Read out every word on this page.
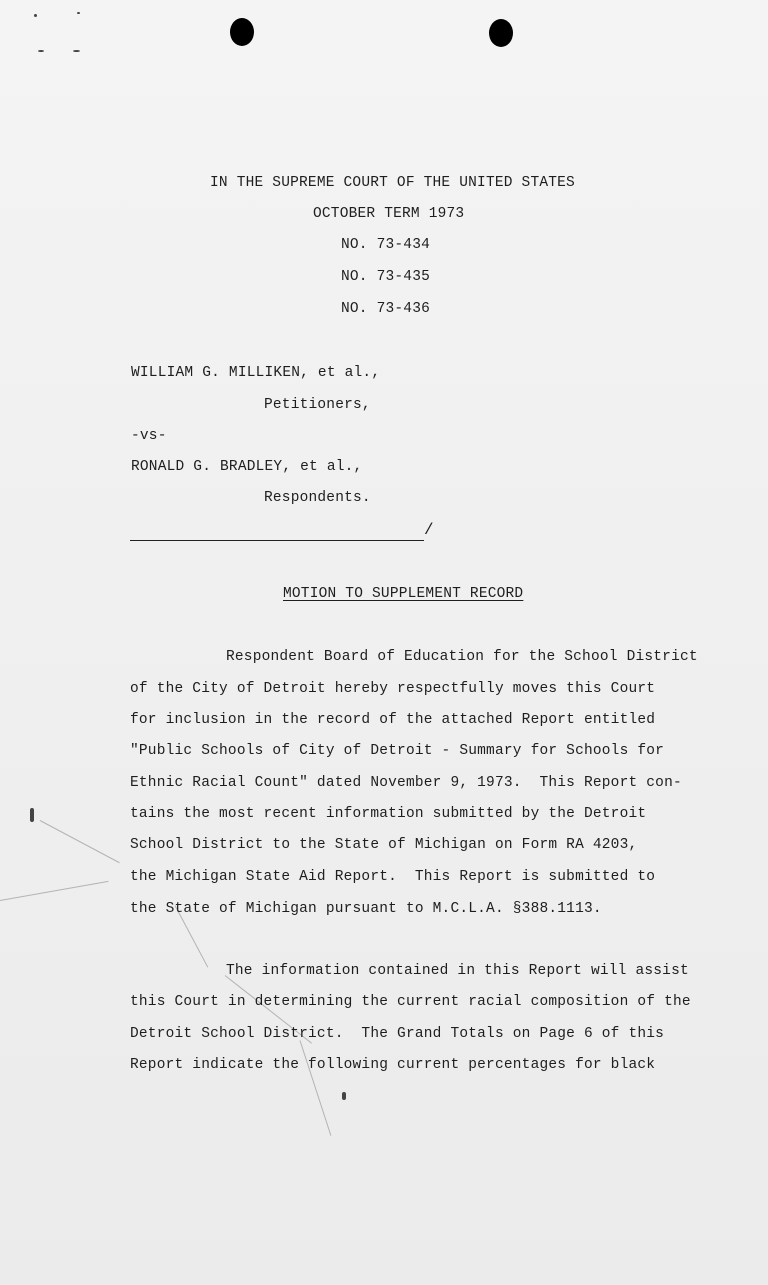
IN THE SUPREME COURT OF THE UNITED STATES
OCTOBER TERM 1973
NO. 73-434
NO. 73-435
NO. 73-436
WILLIAM G. MILLIKEN, et al.,
Petitioners,
-vs-
RONALD G. BRADLEY, et al.,
Respondents.
/
MOTION TO SUPPLEMENT RECORD
Respondent Board of Education for the School District
of the City of Detroit hereby respectfully moves this Court
for inclusion in the record of the attached Report entitled
"Public Schools of City of Detroit - Summary for Schools for
Ethnic Racial Count" dated November 9, 1973.  This Report con-
tains the most recent information submitted by the Detroit
School District to the State of Michigan on Form RA 4203,
the Michigan State Aid Report.  This Report is submitted to
the State of Michigan pursuant to M.C.L.A. §388.1113.
The information contained in this Report will assist
this Court in determining the current racial composition of the
Detroit School District.  The Grand Totals on Page 6 of this
Report indicate the following current percentages for black
